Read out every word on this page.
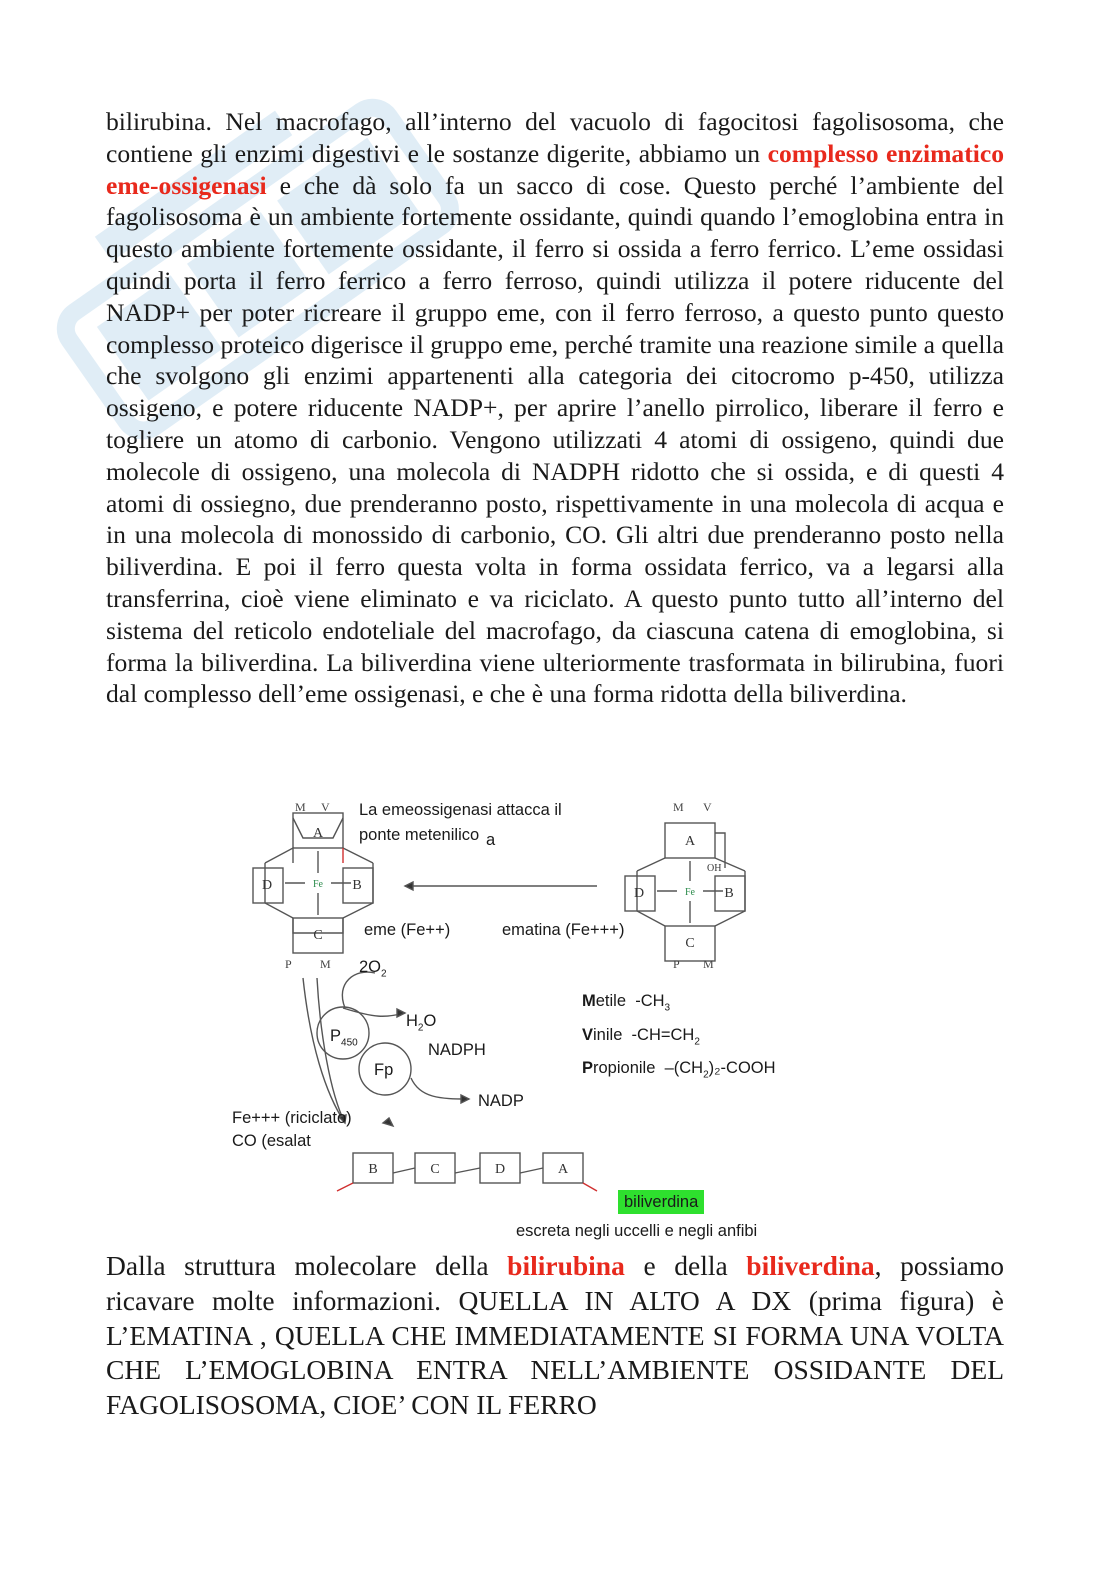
bilirubina. Nel macrofago, all’interno del vacuolo di fagocitosi fagolisosoma, che contiene gli enzimi digestivi e le sostanze digerite, abbiamo un complesso enzimatico eme-ossigenasi e che dà solo fa un sacco di cose. Questo perché l’ambiente del fagolisosoma è un ambiente fortemente ossidante, quindi quando l’emoglobina entra in questo ambiente fortemente ossidante, il ferro si ossida a ferro ferrico. L’eme ossidasi quindi porta il ferro ferrico a ferro ferroso, quindi utilizza il potere riducente del NADP+ per poter ricreare il gruppo eme, con il ferro ferroso, a questo punto questo complesso proteico digerisce il gruppo eme, perché tramite una reazione simile a quella che svolgono gli enzimi appartenenti alla categoria dei citocromo p-450, utilizza ossigeno, e potere riducente NADP+, per aprire l’anello pirrolico, liberare il ferro e togliere un atomo di carbonio. Vengono utilizzati 4 atomi di ossigeno, quindi due molecole di ossigeno, una molecola di NADPH ridotto che si ossida, e di questi 4 atomi di ossiegno, due prenderanno posto, rispettivamente in una molecola di acqua e in una molecola di monossido di carbonio, CO. Gli altri due prenderanno posto nella biliverdina. E poi il ferro questa volta in forma ossidata ferrico, va a legarsi alla transferrina, cioè viene eliminato e va riciclato. A questo punto tutto all’interno del sistema del reticolo endoteliale del macrofago, da ciascuna catena di emoglobina, si forma la biliverdina. La biliverdina viene ulteriormente trasformata in bilirubina, fuori dal complesso dell’eme ossigenasi, e che è una forma ridotta della biliverdina.

M V
P M
M V
P M
A
B
C
D
A
B
C
D
B	C	D	A
Fe
Fe
OH
La emeossigenasi attacca il
ponte metenilico a
eme (Fe++)	ematina (Fe+++)
$2O_2$
$H_2O$
$P_{450}$	NADPH
Fp
NADP
Fe+++ (riciclato)
CO (esalat
Metile $-CH_3$
Vinile $-CH=CH_2$
Propionile $-(CH_2)_2$-COOH
biliverdina
escreta negli uccelli e negli anfibi

Dalla struttura molecolare della bilirubina e della biliverdina, possiamo ricavare molte informazioni. QUELLA IN ALTO A DX (prima figura) è L’EMATINA , QUELLA CHE IMMEDIATAMENTE SI FORMA UNA VOLTA CHE L’EMOGLOBINA ENTRA NELL’AMBIENTE OSSIDANTE DEL FAGOLISOSOMA, CIOE’ CON IL FERRO
